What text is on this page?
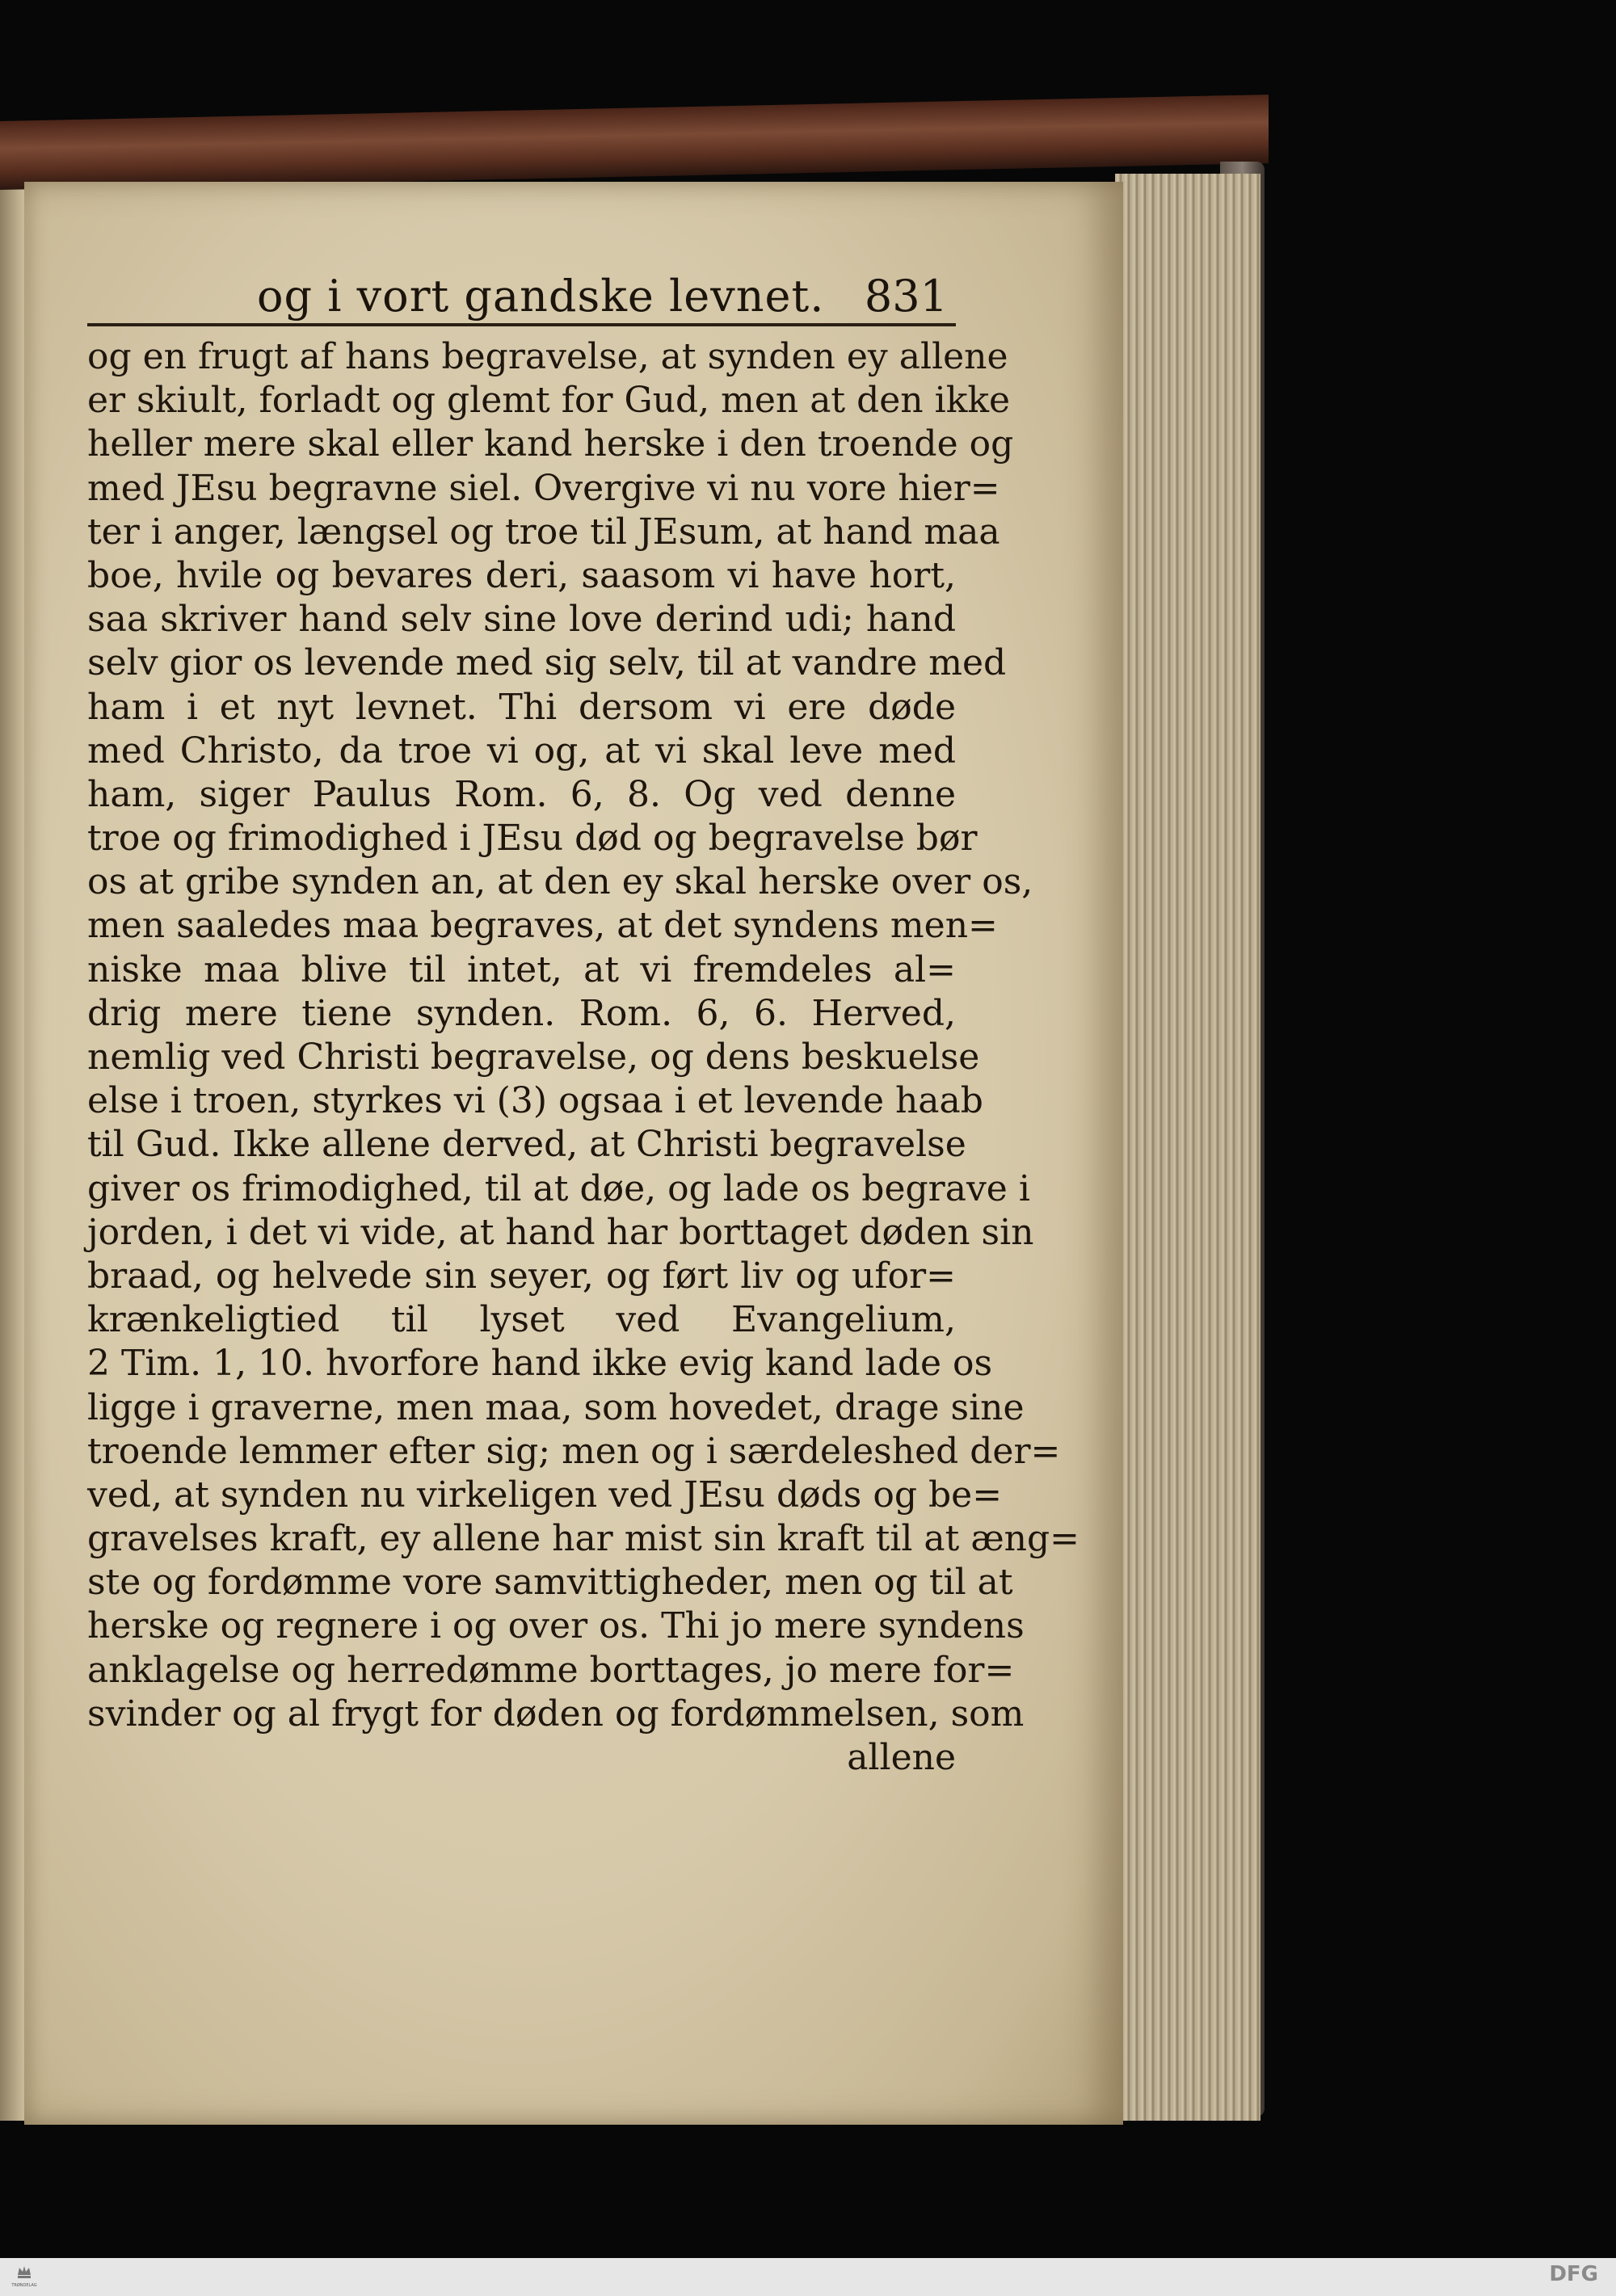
og i vort gandske levnet. 831
og en frugt af hans begravelse, at synden ey allene
er skiult, forladt og glemt for Gud, men at den ikke
heller mere skal eller kand herske i den troende og
med JEsu begravne siel. Overgive vi nu vore hier=
ter i anger, længsel og troe til JEsum, at hand maa
boe, hvile og bevares deri, saasom vi have hort,
saa skriver hand selv sine love derind udi; hand
selv gior os levende med sig selv, til at vandre med
ham i et nyt levnet. Thi dersom vi ere døde
med Christo, da troe vi og, at vi skal leve med
ham, siger Paulus Rom. 6, 8. Og ved denne
troe og frimodighed i JEsu død og begravelse bør
os at gribe synden an, at den ey skal herske over os,
men saaledes maa begraves, at det syndens men=
niske maa blive til intet, at vi fremdeles al=
drig mere tiene synden. Rom. 6, 6. Herved,
nemlig ved Christi begravelse, og dens beskuelse
else i troen, styrkes vi (3) ogsaa i et levende haab
til Gud. Ikke allene derved, at Christi begravelse
giver os frimodighed, til at døe, og lade os begrave i
jorden, i det vi vide, at hand har borttaget døden sin
braad, og helvede sin seyer, og ført liv og ufor=
krænkeligtied til lyset ved Evangelium,
2 Tim. 1, 10. hvorfore hand ikke evig kand lade os
ligge i graverne, men maa, som hovedet, drage sine
troende lemmer efter sig; men og i særdeleshed der=
ved, at synden nu virkeligen ved JEsu døds og be=
gravelses kraft, ey allene har mist sin kraft til at æng=
ste og fordømme vore samvittigheder, men og til at
herske og regnere i og over os. Thi jo mere syndens
anklagelse og herredømme borttages, jo mere for=
svinder og al frygt for døden og fordømmelsen, som
allene
TRØNDELAG	DFG
